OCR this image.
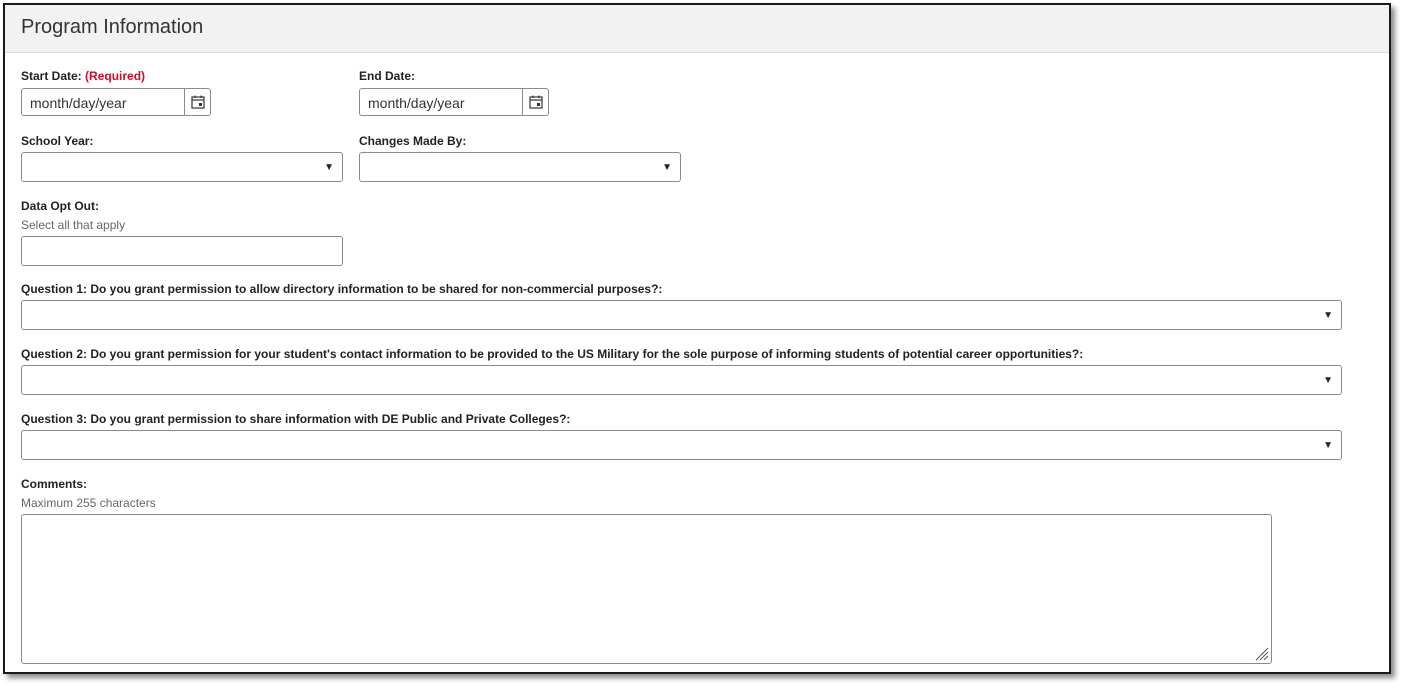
Program Information
Start Date: (Required)
month/day/year
End Date:
month/day/year
School Year:
▼
Changes Made By:
▼
Data Opt Out:
Select all that apply
Question 1: Do you grant permission to allow directory information to be shared for non-commercial purposes?:
▼
Question 2: Do you grant permission for your student's contact information to be provided to the US Military for the sole purpose of informing students of potential career opportunities?:
▼
Question 3: Do you grant permission to share information with DE Public and Private Colleges?:
▼
Comments:
Maximum 255 characters
